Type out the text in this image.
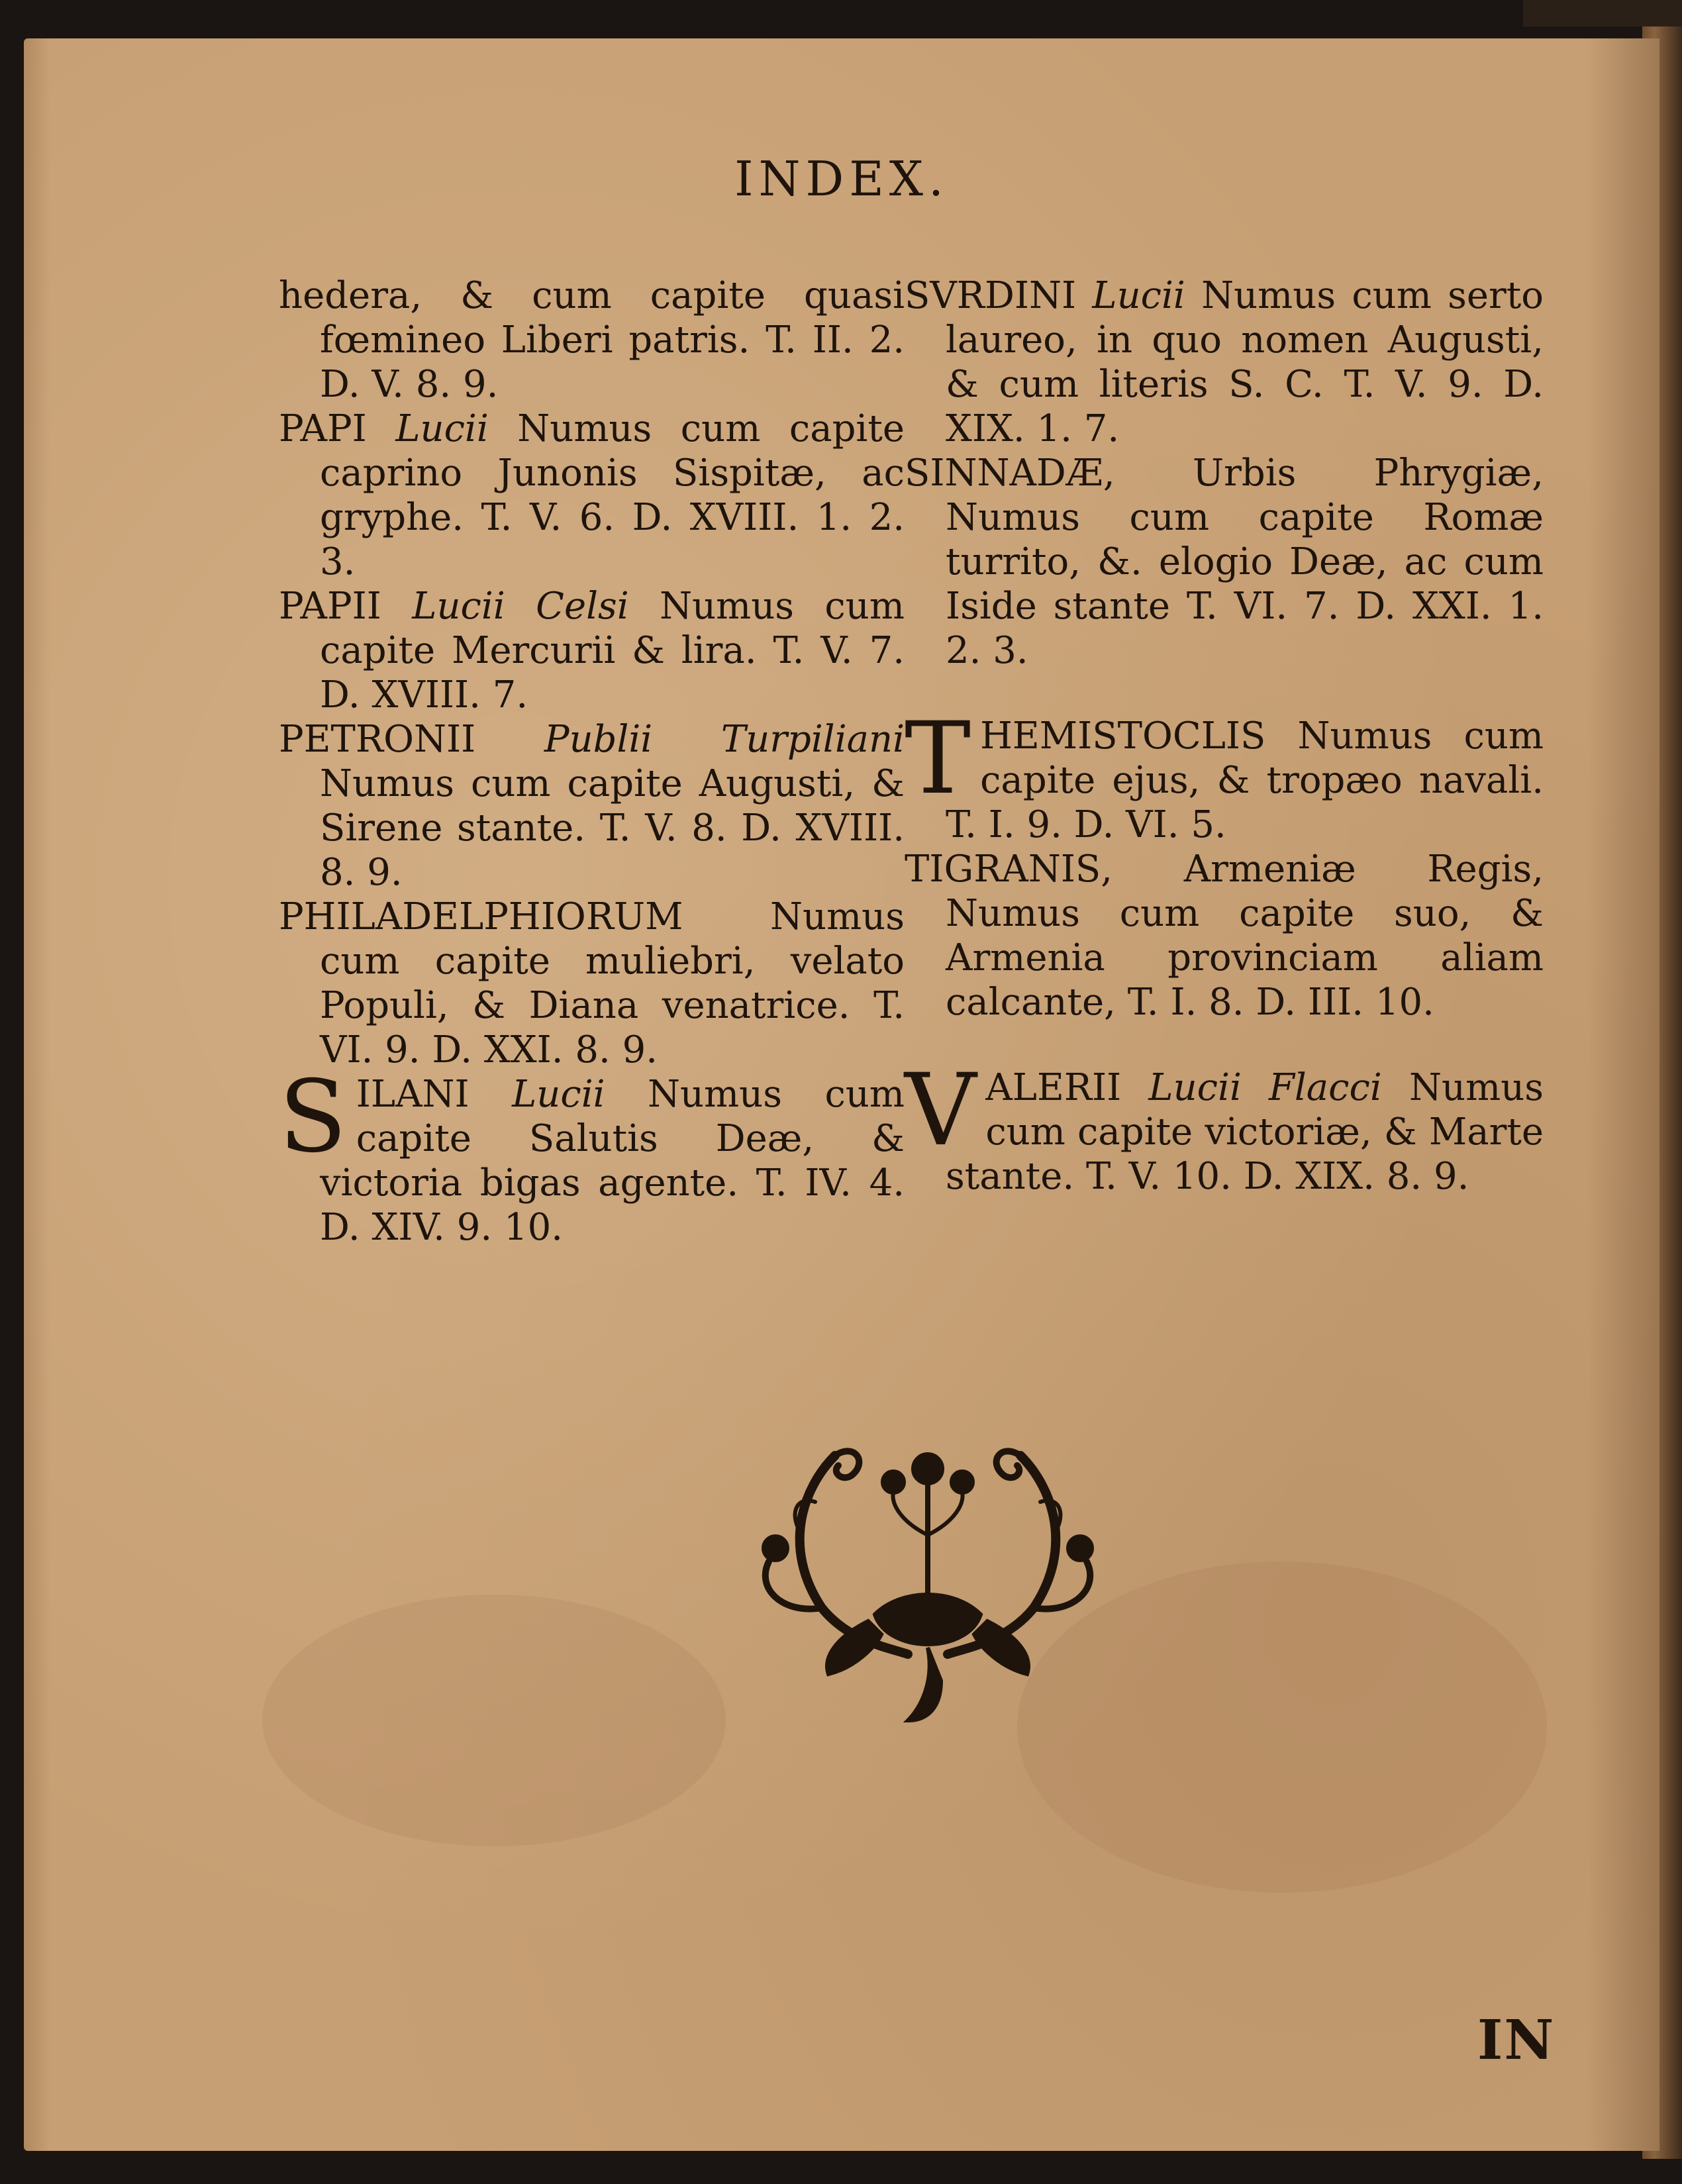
INDEX.

hedera, & cum capite quasi fœmineo Liberi patris. T. II. 2. D. V. 8. 9.

PAPI Lucii Numus cum capite caprino Junonis Sispitæ, ac gryphe. T. V. 6. D. XVIII. 1. 2. 3.

PAPII Lucii Celsi Numus cum capite Mercurii & lira. T. V. 7. D. XVIII. 7.

PETRONII Publii Turpiliani Numus cum capite Augusti, & Sirene stante. T. V. 8. D. XVIII. 8. 9.

PHILADELPHIORUM Numus cum capite muliebri, velato Populi, & Diana venatrice. T. VI. 9. D. XXI. 8. 9.

SILANI Lucii Numus cum capite Salutis Deæ, & victoria bigas agente. T. IV. 4. D. XIV. 9. 10.

SVRDINI Lucii Numus cum serto laureo, in quo nomen Augusti, & cum literis S. C. T. V. 9. D. XIX. 1. 7.

SINNADÆ, Urbis Phrygiæ, Numus cum capite Romæ turrito, &. elogio Deæ, ac cum Iside stante T. VI. 7. D. XXI. 1. 2. 3.

THEMISTOCLIS Numus cum capite ejus, & tropæo navali. T. I. 9. D. VI. 5.

TIGRANIS, Armeniæ Regis, Numus cum capite suo, & Armenia provinciam aliam calcante, T. I. 8. D. III. 10.

VALERII Lucii Flacci Numus cum capite victoriæ, & Marte stante. T. V. 10. D. XIX. 8. 9.

IN
